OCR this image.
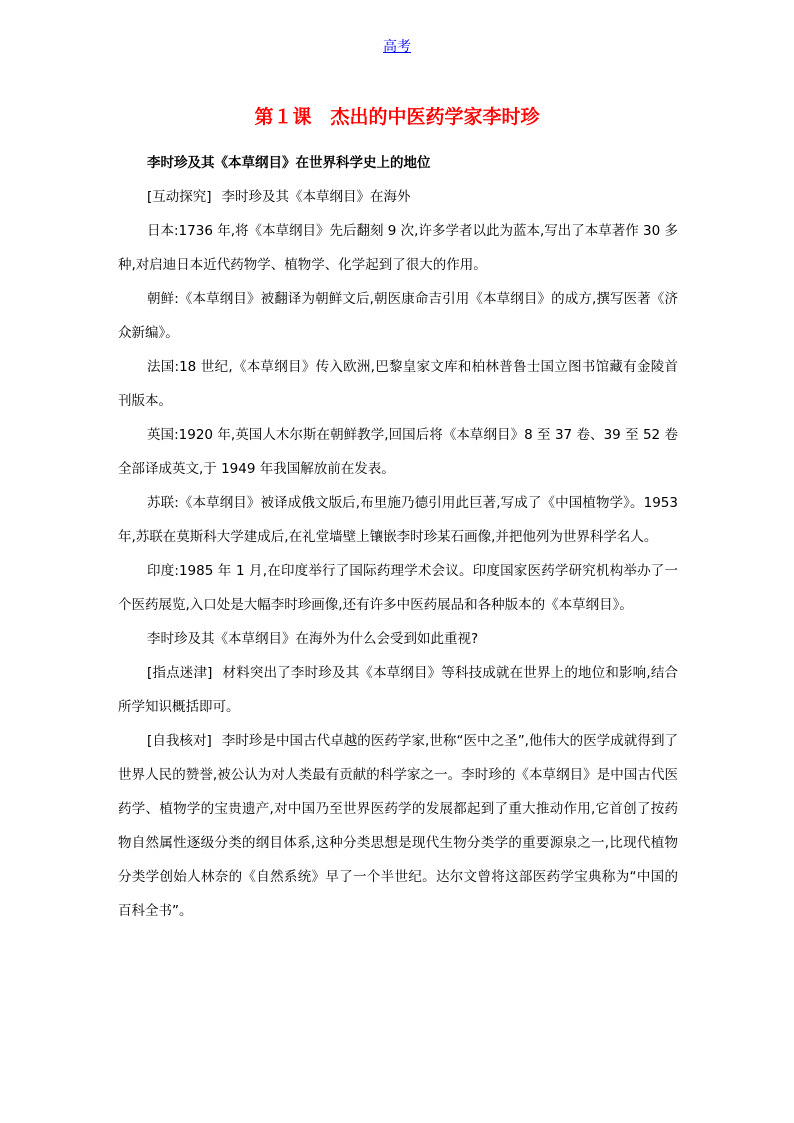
高考
第１课　杰出的中医药学家李时珍

李时珍及其《本草纲目》在世界科学史上的地位

[互动探究] 李时珍及其《本草纲目》在海外

日本:1736 年,将《本草纲目》先后翻刻 9 次,许多学者以此为蓝本,写出了本草著作 30 多种,对启迪日本近代药物学、植物学、化学起到了很大的作用。

朝鲜:《本草纲目》被翻译为朝鲜文后,朝医康命吉引用《本草纲目》的成方,撰写医著《济众新编》。

法国:18 世纪,《本草纲目》传入欧洲,巴黎皇家文库和柏林普鲁士国立图书馆藏有金陵首刊版本。

英国:1920 年,英国人木尔斯在朝鲜教学,回国后将《本草纲目》8 至 37 卷、39 至 52 卷全部译成英文,于 1949 年我国解放前在发表。

苏联:《本草纲目》被译成俄文版后,布里施乃德引用此巨著,写成了《中国植物学》。1953 年,苏联在莫斯科大学建成后,在礼堂墙壁上镶嵌李时珍某石画像,并把他列为世界科学名人。

印度:1985 年 1 月,在印度举行了国际药理学术会议。印度国家医药学研究机构举办了一个医药展览,入口处是大幅李时珍画像,还有许多中医药展品和各种版本的《本草纲目》。

李时珍及其《本草纲目》在海外为什么会受到如此重视?

[指点迷津] 材料突出了李时珍及其《本草纲目》等科技成就在世界上的地位和影响,结合所学知识概括即可。

[自我核对] 李时珍是中国古代卓越的医药学家,世称“医中之圣”,他伟大的医学成就得到了世界人民的赞誉,被公认为对人类最有贡献的科学家之一。李时珍的《本草纲目》是中国古代医药学、植物学的宝贵遗产,对中国乃至世界医药学的发展都起到了重大推动作用,它首创了按药物自然属性逐级分类的纲目体系,这种分类思想是现代生物分类学的重要源泉之一,比现代植物分类学创始人林奈的《自然系统》早了一个半世纪。达尔文曾将这部医药学宝典称为“中国的百科全书”。
